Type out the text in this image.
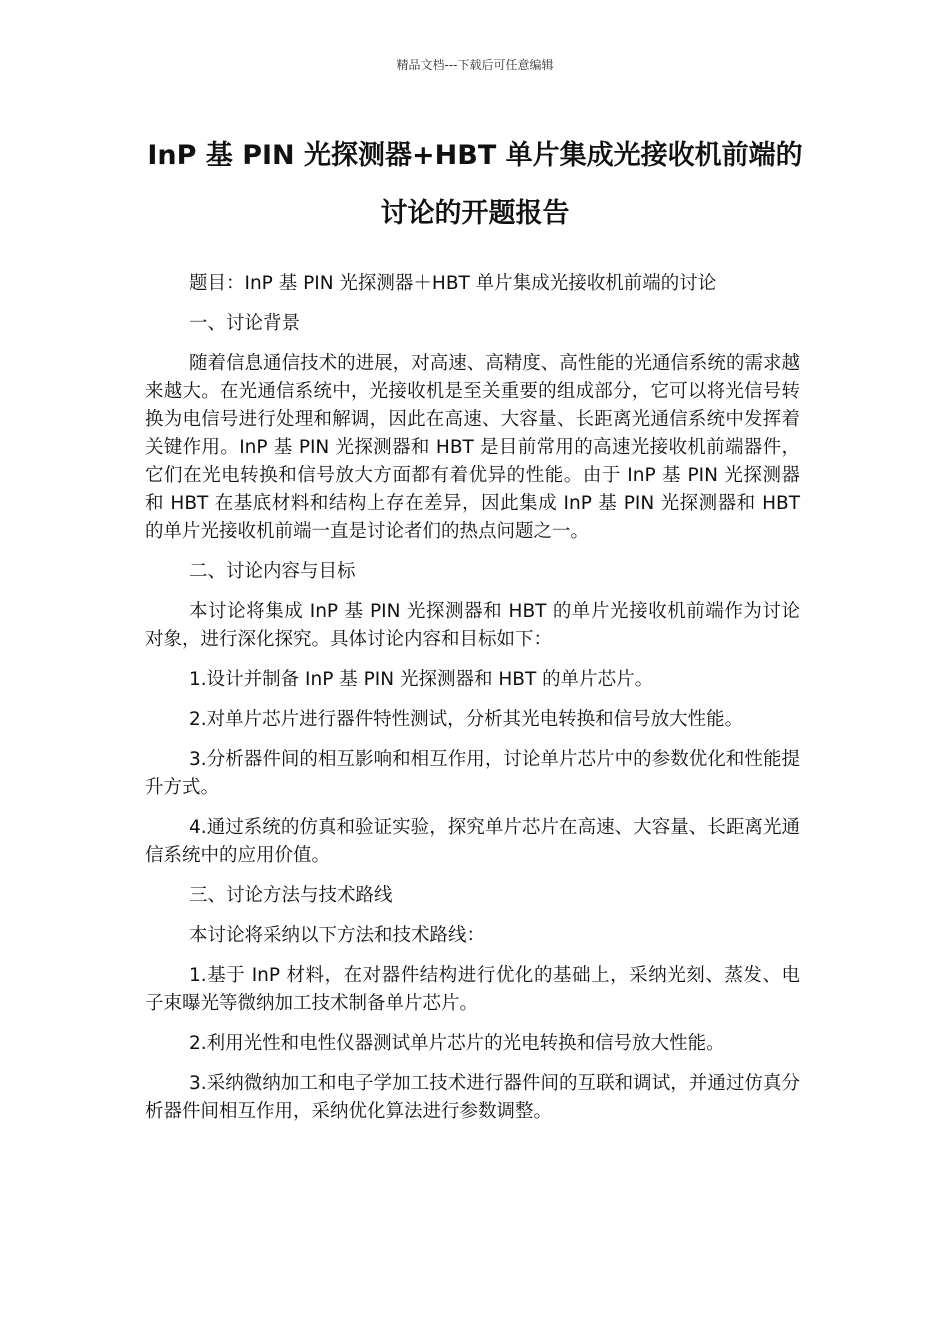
精品文档---下载后可任意编辑
InP 基 PIN 光探测器+HBT 单片集成光接收机前端的
讨论的开题报告

题目：InP 基 PIN 光探测器＋HBT 单片集成光接收机前端的讨论

一、讨论背景

随着信息通信技术的进展，对高速、高精度、高性能的光通信系统的需求越来越大。在光通信系统中，光接收机是至关重要的组成部分，它可以将光信号转换为电信号进行处理和解调，因此在高速、大容量、长距离光通信系统中发挥着关键作用。InP 基 PIN 光探测器和 HBT 是目前常用的高速光接收机前端器件，它们在光电转换和信号放大方面都有着优异的性能。由于 InP 基 PIN 光探测器和 HBT 在基底材料和结构上存在差异，因此集成 InP 基 PIN 光探测器和 HBT 的单片光接收机前端一直是讨论者们的热点问题之一。

二、讨论内容与目标

本讨论将集成 InP 基 PIN 光探测器和 HBT 的单片光接收机前端作为讨论对象，进行深化探究。具体讨论内容和目标如下：

1.设计并制备 InP 基 PIN 光探测器和 HBT 的单片芯片。

2.对单片芯片进行器件特性测试，分析其光电转换和信号放大性能。

3.分析器件间的相互影响和相互作用，讨论单片芯片中的参数优化和性能提升方式。

4.通过系统的仿真和验证实验，探究单片芯片在高速、大容量、长距离光通信系统中的应用价值。

三、讨论方法与技术路线

本讨论将采纳以下方法和技术路线：

1.基于 InP 材料，在对器件结构进行优化的基础上，采纳光刻、蒸发、电子束曝光等微纳加工技术制备单片芯片。

2.利用光性和电性仪器测试单片芯片的光电转换和信号放大性能。

3.采纳微纳加工和电子学加工技术进行器件间的互联和调试，并通过仿真分析器件间相互作用，采纳优化算法进行参数调整。
